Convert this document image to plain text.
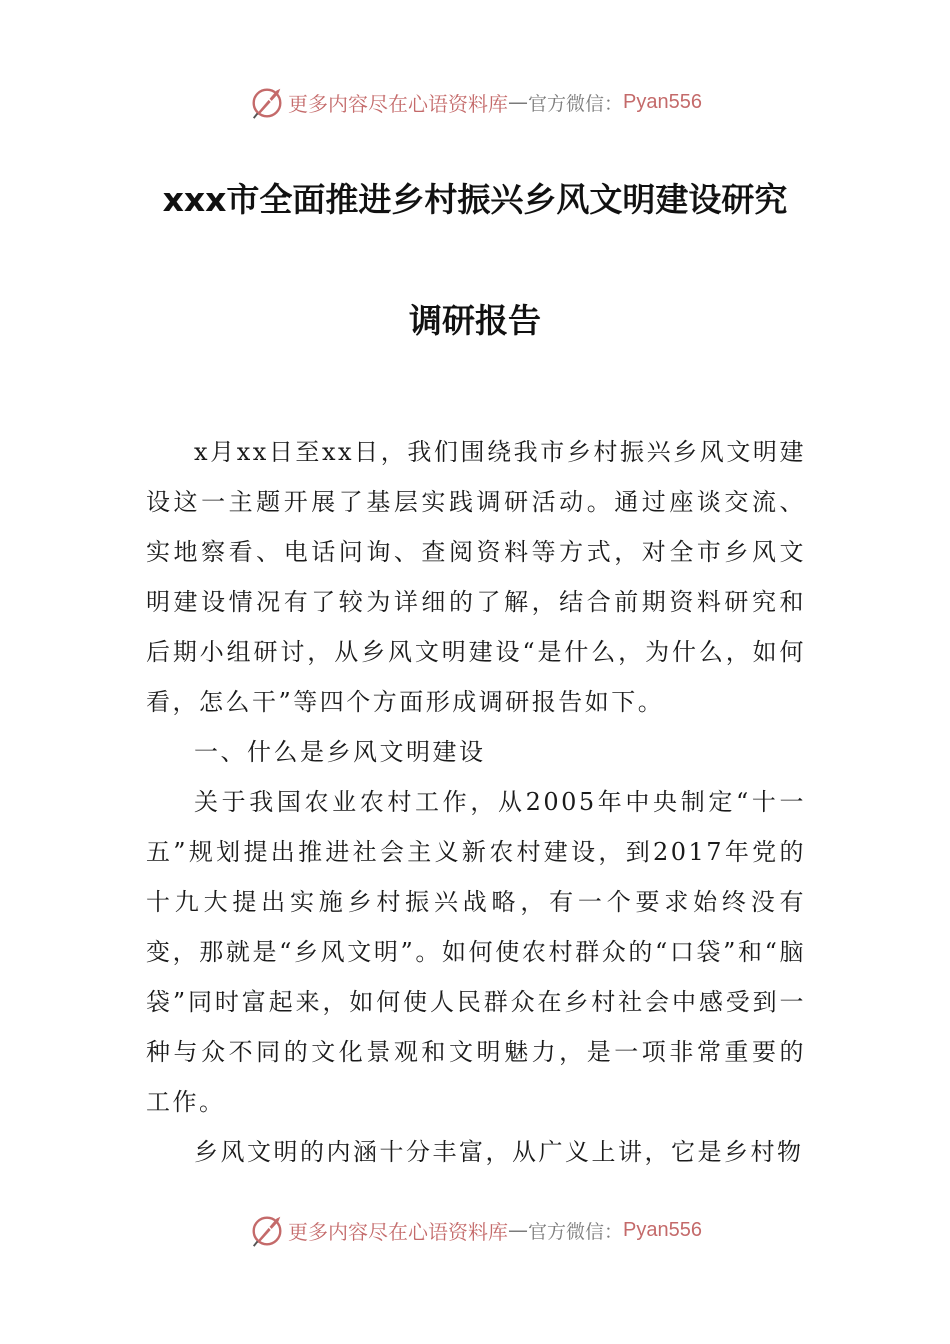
更多内容尽在心语资料库 — 官方微信： Pyan556
xxx市全面推进乡村振兴乡风文明建设研究
调研报告

x月xx日至xx日，我们围绕我市乡村振兴乡风文明建设这一主题开展了基层实践调研活动。通过座谈交流、实地察看、电话问询、查阅资料等方式，对全市乡风文明建设情况有了较为详细的了解，结合前期资料研究和后期小组研讨，从乡风文明建设“是什么，为什么，如何看，怎么干”等四个方面形成调研报告如下。

一、什么是乡风文明建设

关于我国农业农村工作，从2005年中央制定“十一五”规划提出推进社会主义新农村建设，到2017年党的十九大提出实施乡村振兴战略，有一个要求始终没有变，那就是“乡风文明”。如何使农村群众的“口袋”和“脑袋”同时富起来，如何使人民群众在乡村社会中感受到一种与众不同的文化景观和文明魅力，是一项非常重要的工作。

乡风文明的内涵十分丰富，从广义上讲，它是乡村物

更多内容尽在心语资料库 — 官方微信： Pyan556
